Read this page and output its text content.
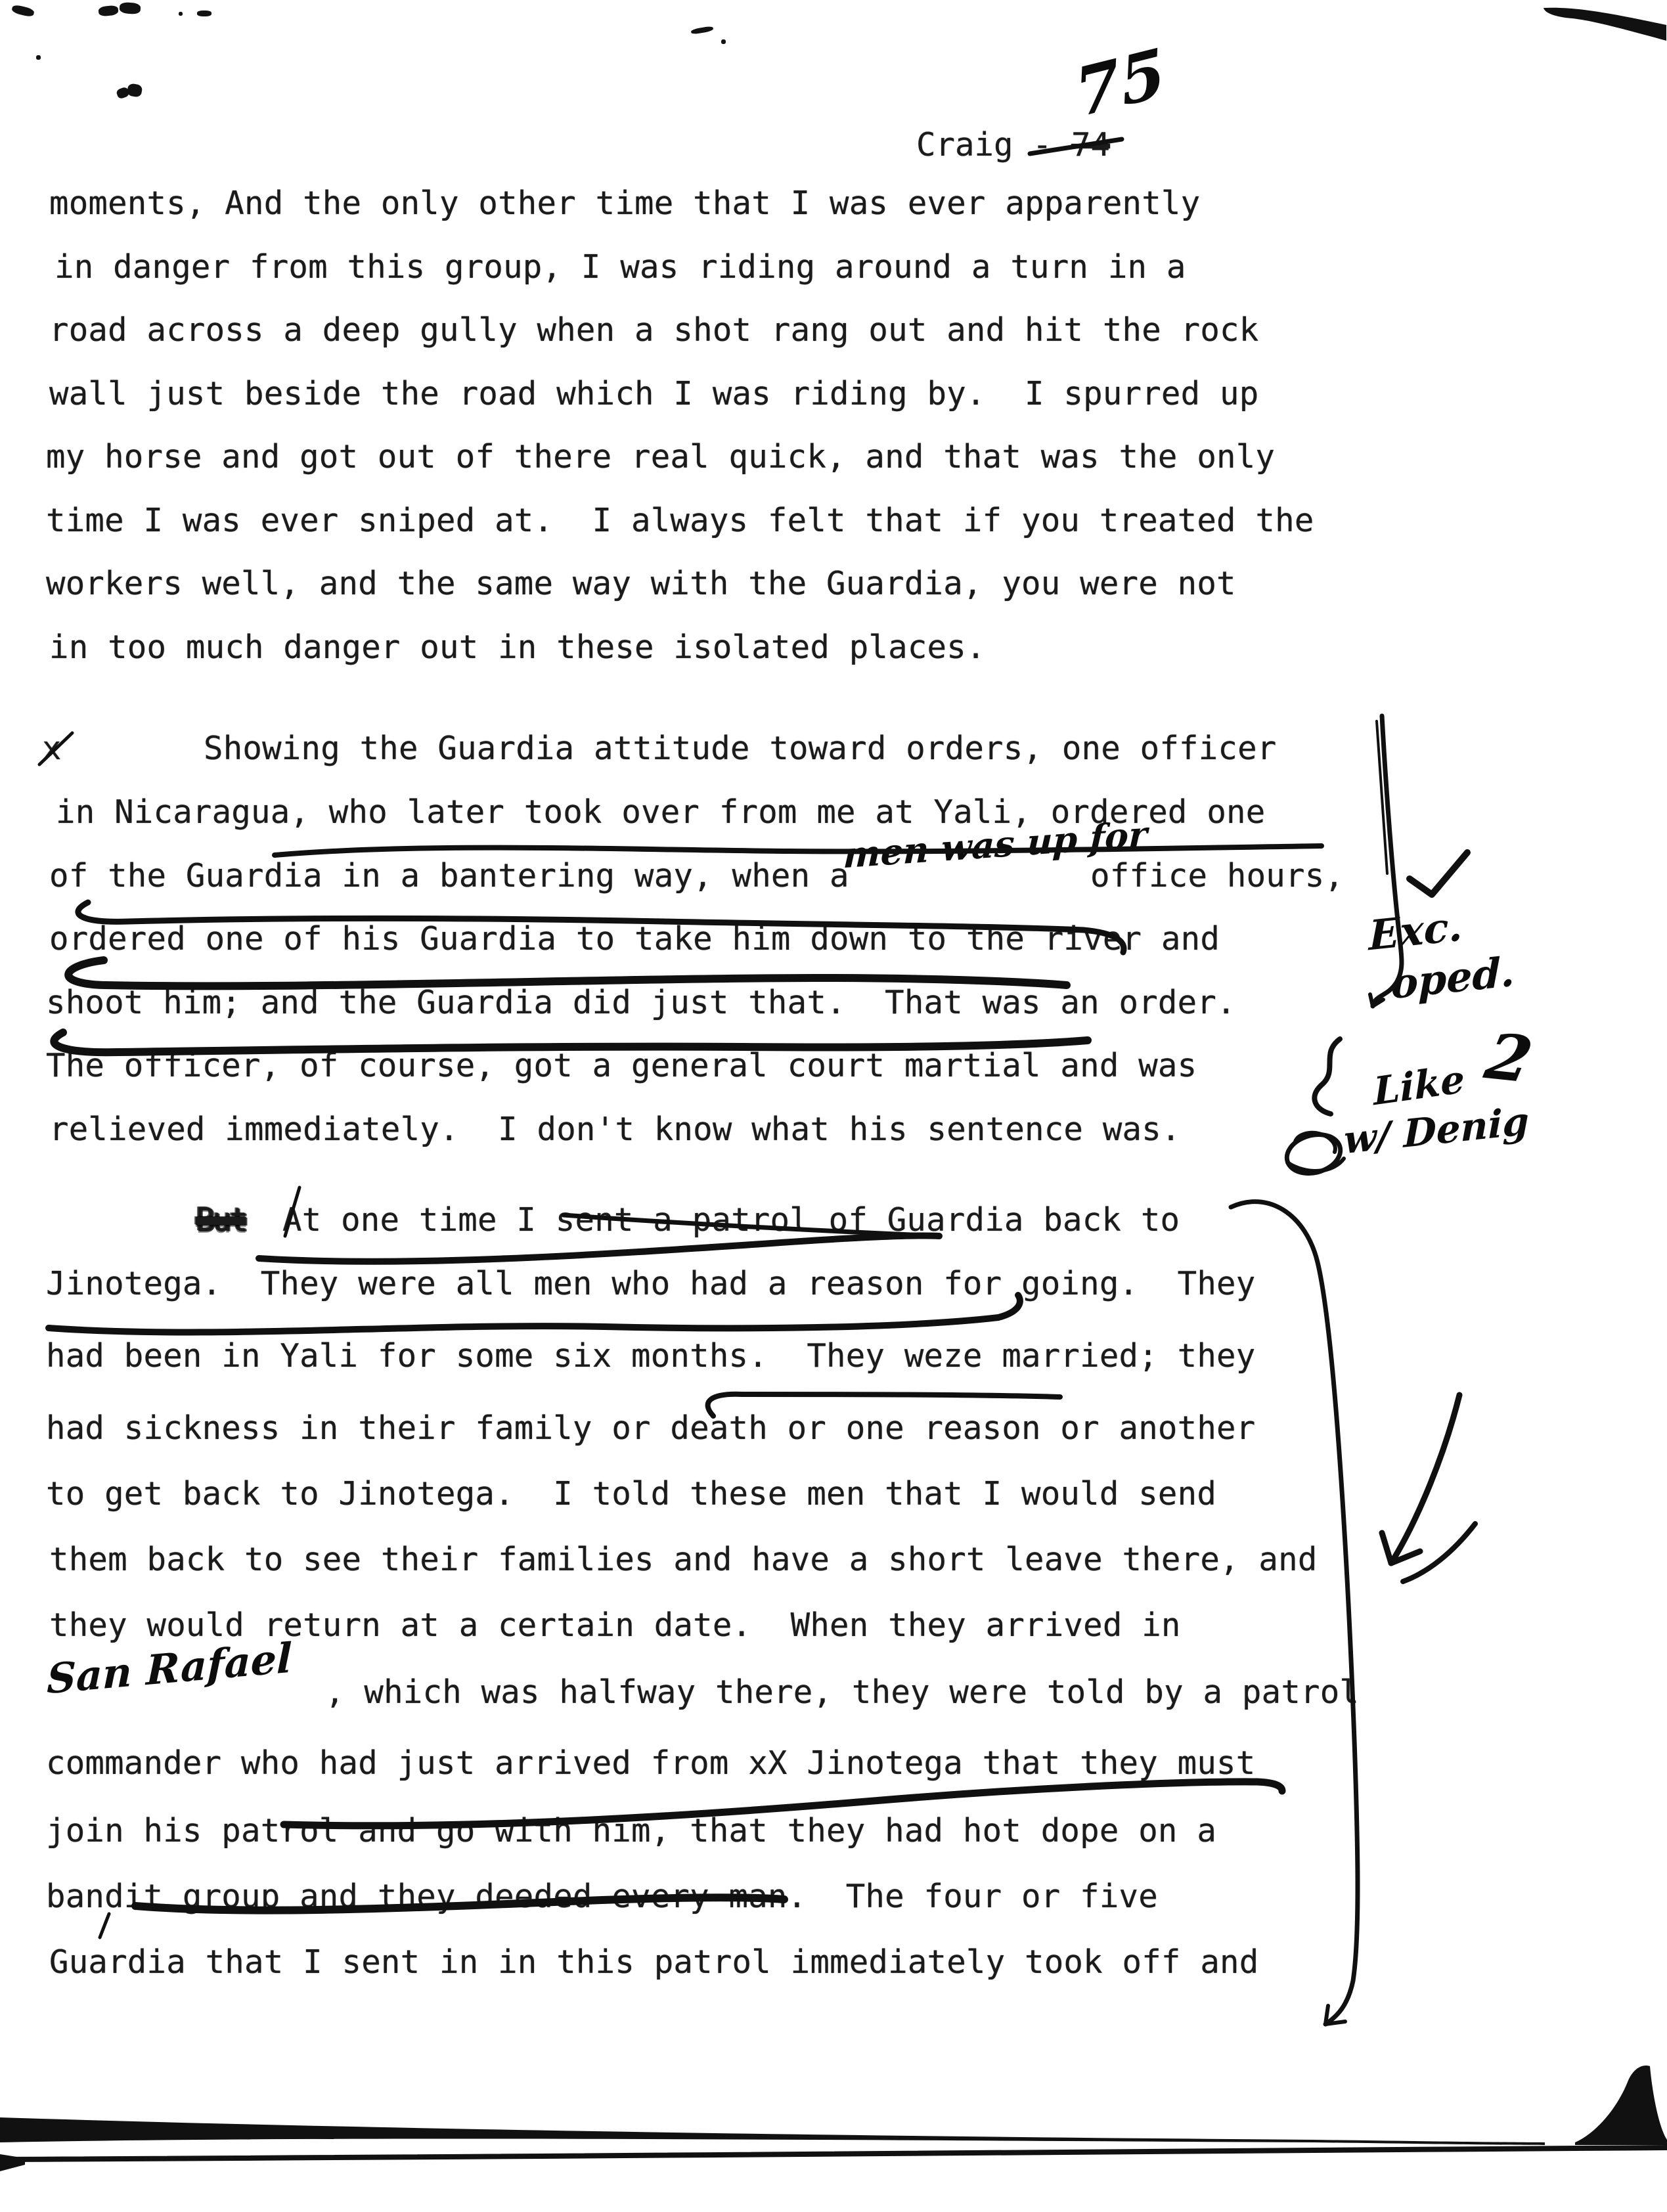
Craig - 74
moments, And the only other time that I was ever apparently
in danger from this group, I was riding around a turn in a
road across a deep gully when a shot rang out and hit the rock
wall just beside the road which I was riding by.  I spurred up
my horse and got out of there real quick, and that was the only
time I was ever sniped at.  I always felt that if you treated the
workers well, and the same way with the Guardia, you were not
in too much danger out in these isolated places.
x	Showing the Guardia attitude toward orders, one officer
in Nicaragua, who later took over from me at Yali, ordered one
of the Guardia in a bantering way, when a	office hours,
ordered one of his Guardia to take him down to the river and
shoot him; and the Guardia did just that.  That was an order.
The officer, of course, got a general court martial and was
relieved immediately.  I don't know what his sentence was.
But At one time I sent a patrol of Guardia back to
Jinotega.  They were all men who had a reason for going.  They
had been in Yali for some six months.  They weze married; they
had sickness in their family or death or one reason or another
to get back to Jinotega.  I told these men that I would send
them back to see their families and have a short leave there, and
they would return at a certain date.  When they arrived in
, which was halfway there, they were told by a patrol
commander who had just arrived from xX Jinotega that they must
join his patrol and go with him, that they had hot dope on a
bandit group and they deeded every man.  The four or five
Guardia that I sent in in this patrol immediately took off and
75
men was up for
Exc.
oped.
Like 2
w/ Denig
San Rafael
